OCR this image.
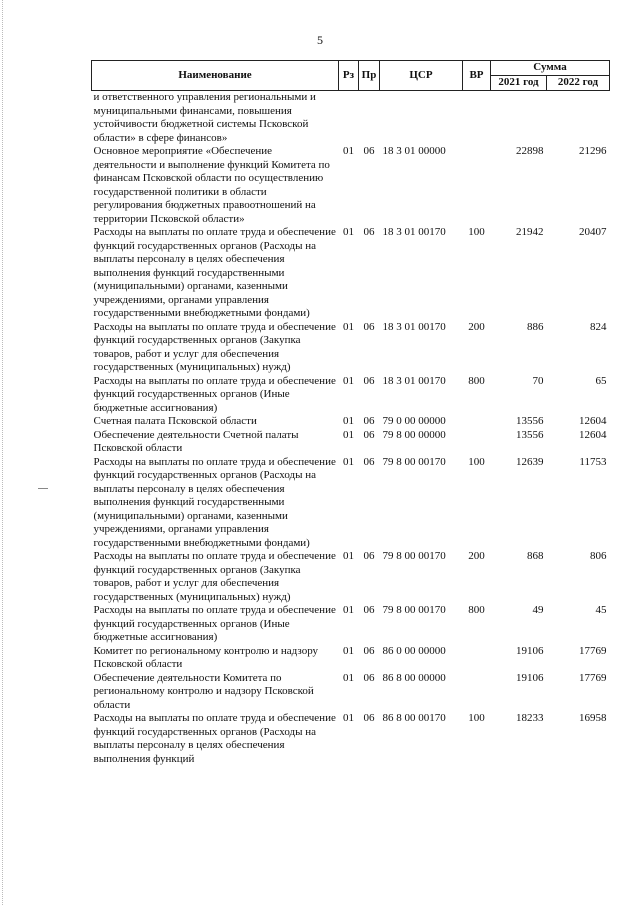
5
Наименование	Рз	Пр	ЦСР	ВР	Сумма	
					2021 год	2022 год
и ответственного управления региональными и муниципальными финансами, повышения устойчивости бюджетной системы Псковской области» в сфере финансов»						
Основное мероприятие «Обеспечение деятельности и выполнение функций Комитета по финансам Псковской области по осуществлению государственной политики в области регулирования бюджетных правоотношений на территории Псковской области»	01	06	18 3 01 00000		22898	21296
Расходы на выплаты по оплате труда и обеспечение функций государственных органов (Расходы на выплаты персоналу в целях обеспечения выполнения функций государственными (муниципальными) органами, казенными учреждениями, органами управления государственными внебюджетными фондами)	01	06	18 3 01 00170	100	21942	20407
Расходы на выплаты по оплате труда и обеспечение функций государственных органов (Закупка товаров, работ и услуг для обеспечения государственных (муниципальных) нужд)	01	06	18 3 01 00170	200	886	824
Расходы на выплаты по оплате труда и обеспечение функций государственных органов (Иные бюджетные ассигнования)	01	06	18 3 01 00170	800	70	65
Счетная палата Псковской области	01	06	79 0 00 00000		13556	12604
Обеспечение деятельности Счетной палаты Псковской области	01	06	79 8 00 00000		13556	12604
Расходы на выплаты по оплате труда и обеспечение функций государственных органов (Расходы на выплаты персоналу в целях обеспечения выполнения функций государственными (муниципальными) органами, казенными учреждениями, органами управления государственными внебюджетными фондами)	01	06	79 8 00 00170	100	12639	11753
Расходы на выплаты по оплате труда и обеспечение функций государственных органов (Закупка товаров, работ и услуг для обеспечения государственных (муниципальных) нужд)	01	06	79 8 00 00170	200	868	806
Расходы на выплаты по оплате труда и обеспечение функций государственных органов (Иные бюджетные ассигнования)	01	06	79 8 00 00170	800	49	45
Комитет по региональному контролю и надзору Псковской области	01	06	86 0 00 00000		19106	17769
Обеспечение деятельности Комитета по региональному контролю и надзору Псковской области	01	06	86 8 00 00000		19106	17769
Расходы на выплаты по оплате труда и обеспечение функций государственных органов (Расходы на выплаты персоналу в целях обеспечения выполнения функций	01	06	86 8 00 00170	100	18233	16958
